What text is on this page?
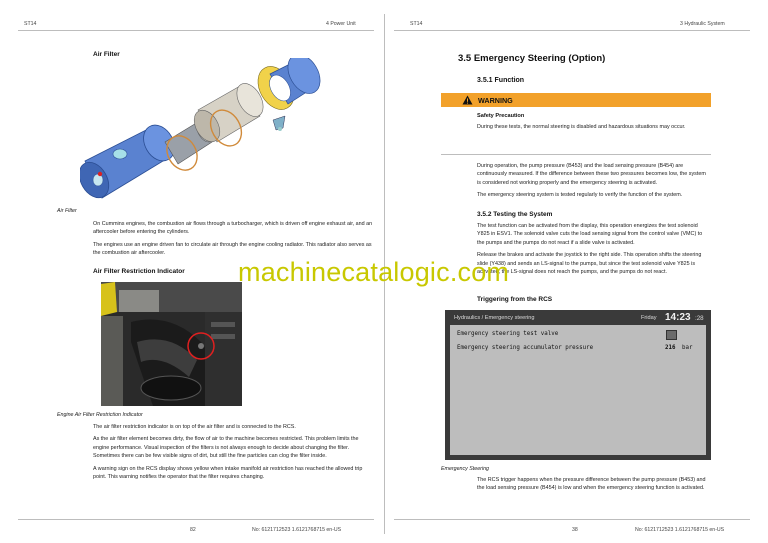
ST14	4 Power Unit
Air Filter
Air Filter

On Cummins engines, the combustion air flows through a turbocharger, which is driven off engine exhaust air, and an aftercooler before entering the cylinders.

The engines use an engine driven fan to circulate air through the engine cooling radiator. This radiator also serves as the combustion air aftercooler.

Air Filter Restriction Indicator
Engine Air Filter Restriction Indicator

The air filter restriction indicator is on top of the air filter and is connected to the RCS.

As the air filter element becomes dirty, the flow of air to the machine becomes restricted. This problem limits the engine performance. Visual inspection of the filters is not always enough to decide about changing the filter. Sometimes there can be few visible signs of dirt, but still the fine particles can clog the filter inside.

A warning sign on the RCS display shows yellow when intake manifold air restriction has reached the allowed trip point. This warning notifies the operator that the filter requires changing.

82	No: 6121712523 1.6121768715 en-US
ST14	3 Hydraulic System
3.5 Emergency Steering (Option)
3.5.1 Function
WARNING
Safety Precaution
During these tests, the normal steering is disabled and hazardous situations may occur.

During operation, the pump pressure (B453) and the load sensing pressure (B454) are continuously measured. If the difference between these two pressures becomes low, the system is considered not working properly and the emergency steering is activated.

The emergency steering system is tested regularly to verify the function of the system.

3.5.2 Testing the System

The test function can be activated from the display, this operation energizes the test solenoid Y825 in ESV1. The solenoid valve cuts the load sensing signal from the control valve (VMC) to the pumps and the pumps do not react if a slide valve is activated.

Release the brakes and activate the joystick to the right side. This operation shifts the steering slide (Y438) and sends an LS-signal to the pumps, but since the test solenoid valve Y825 is activated, the LS-signal does not reach the pumps, and the pumps do not react.

Triggering from the RCS
Hydraulics / Emergency steering	Friday 14:23 :28
Emergency steering test valve
Emergency steering accumulator pressure	216 bar
Emergency Steering
The RCS trigger happens when the pressure difference between the pump pressure (B453) and the load sensing pressure (B454) is low and when the emergency steering function is activated.
38	No: 6121712523 1.6121768715 en-US
machinecatalogic.com
